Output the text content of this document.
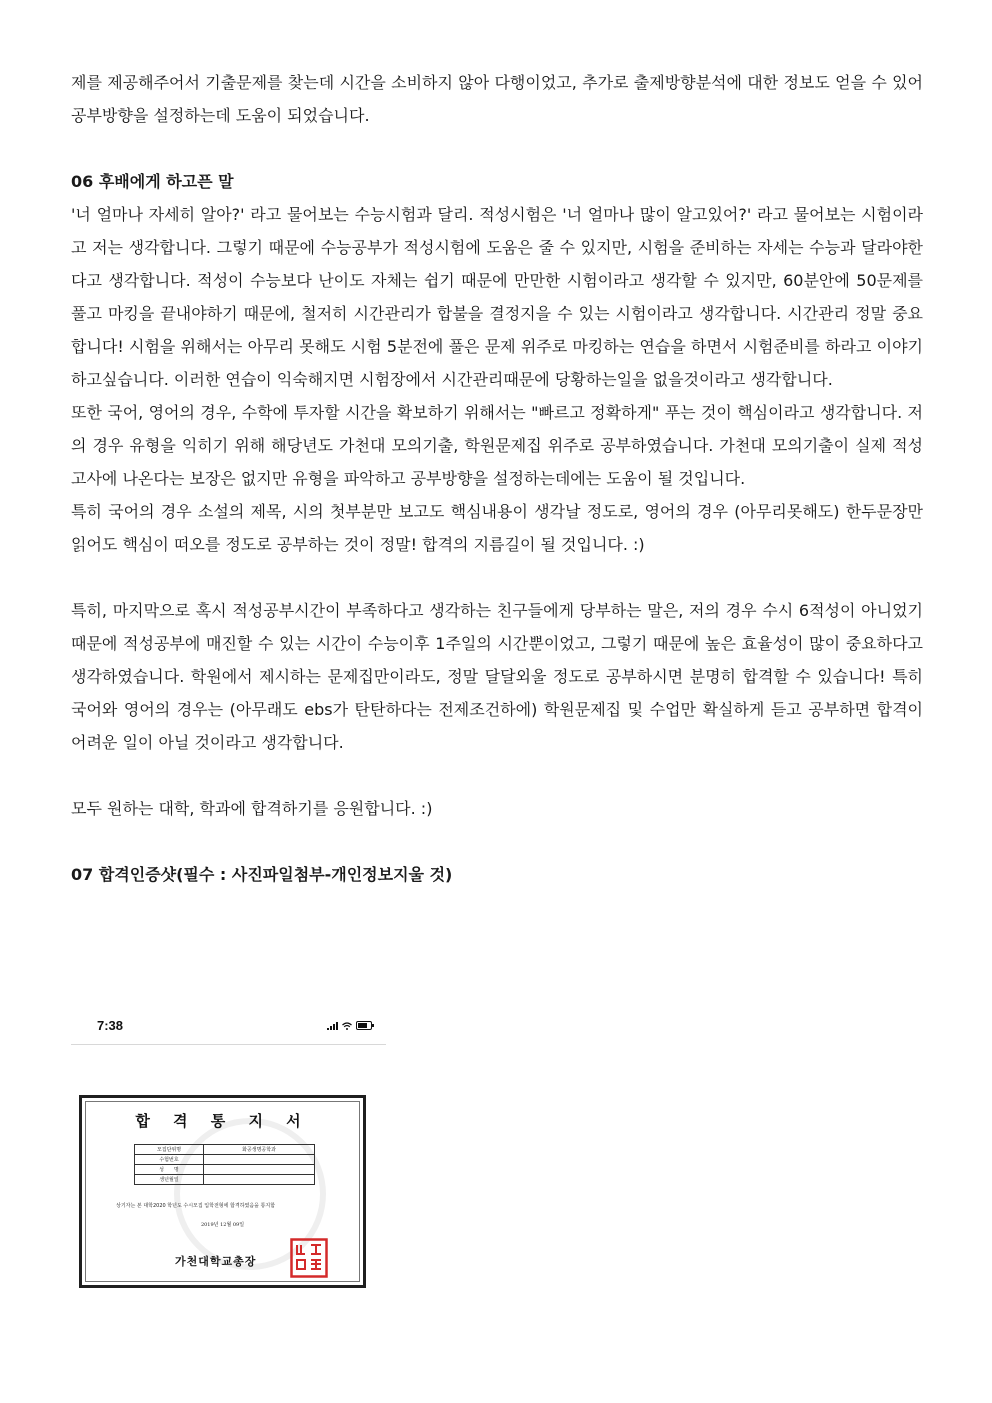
제를 제공해주어서 기출문제를 찾는데 시간을 소비하지 않아 다행이었고, 추가로 출제방향분석에 대한 정보도 얻을 수 있어 공부방향을 설정하는데 도움이 되었습니다.

06 후배에게 하고픈 말

'너 얼마나 자세히 알아?' 라고 물어보는 수능시험과 달리. 적성시험은 '너 얼마나 많이 알고있어?' 라고 물어보는 시험이라고 저는 생각합니다. 그렇기 때문에 수능공부가 적성시험에 도움은 줄 수 있지만, 시험을 준비하는 자세는 수능과 달라야한다고 생각합니다. 적성이 수능보다 난이도 자체는 쉽기 때문에 만만한 시험이라고 생각할 수 있지만, 60분안에 50문제를 풀고 마킹을 끝내야하기 때문에, 철저히 시간관리가 합불을 결정지을 수 있는 시험이라고 생각합니다. 시간관리 정말 중요합니다! 시험을 위해서는 아무리 못해도 시험 5분전에 풀은 문제 위주로 마킹하는 연습을 하면서 시험준비를 하라고 이야기하고싶습니다. 이러한 연습이 익숙해지면 시험장에서 시간관리때문에 당황하는일을 없을것이라고 생각합니다.

또한 국어, 영어의 경우, 수학에 투자할 시간을 확보하기 위해서는 "빠르고 정확하게" 푸는 것이 핵심이라고 생각합니다. 저의 경우 유형을 익히기 위해 해당년도 가천대 모의기출, 학원문제집 위주로 공부하였습니다. 가천대 모의기출이 실제 적성고사에 나온다는 보장은 없지만 유형을 파악하고 공부방향을 설정하는데에는 도움이 될 것입니다.

특히 국어의 경우 소설의 제목, 시의 첫부분만 보고도 핵심내용이 생각날 정도로, 영어의 경우 (아무리못해도) 한두문장만 읽어도 핵심이 떠오를 정도로 공부하는 것이 정말! 합격의 지름길이 될 것입니다. :)

특히, 마지막으로 혹시 적성공부시간이 부족하다고 생각하는 친구들에게 당부하는 말은, 저의 경우 수시 6적성이 아니었기 때문에 적성공부에 매진할 수 있는 시간이 수능이후 1주일의 시간뿐이었고, 그렇기 때문에 높은 효율성이 많이 중요하다고 생각하였습니다. 학원에서 제시하는 문제집만이라도, 정말 달달외울 정도로 공부하시면 분명히 합격할 수 있습니다! 특히 국어와 영어의 경우는 (아무래도 ebs가 탄탄하다는 전제조건하에) 학원문제집 및 수업만 확실하게 듣고 공부하면 합격이 어려운 일이 아닐 것이라고 생각합니다.

모두 원하는 대학, 학과에 합격하기를 응원합니다. :)

07 합격인증샷(필수 : 사진파일첨부-개인정보지울 것)

7:38
합 격 통 지 서
모집단위명	화공생명공학과
수험번호	
성　　명	
생년월일	
상기자는 본 대학2020 학년도 수시모집 입학전형에 합격하였음을 통지함
2019년 12월 09일
가천대학교총장
